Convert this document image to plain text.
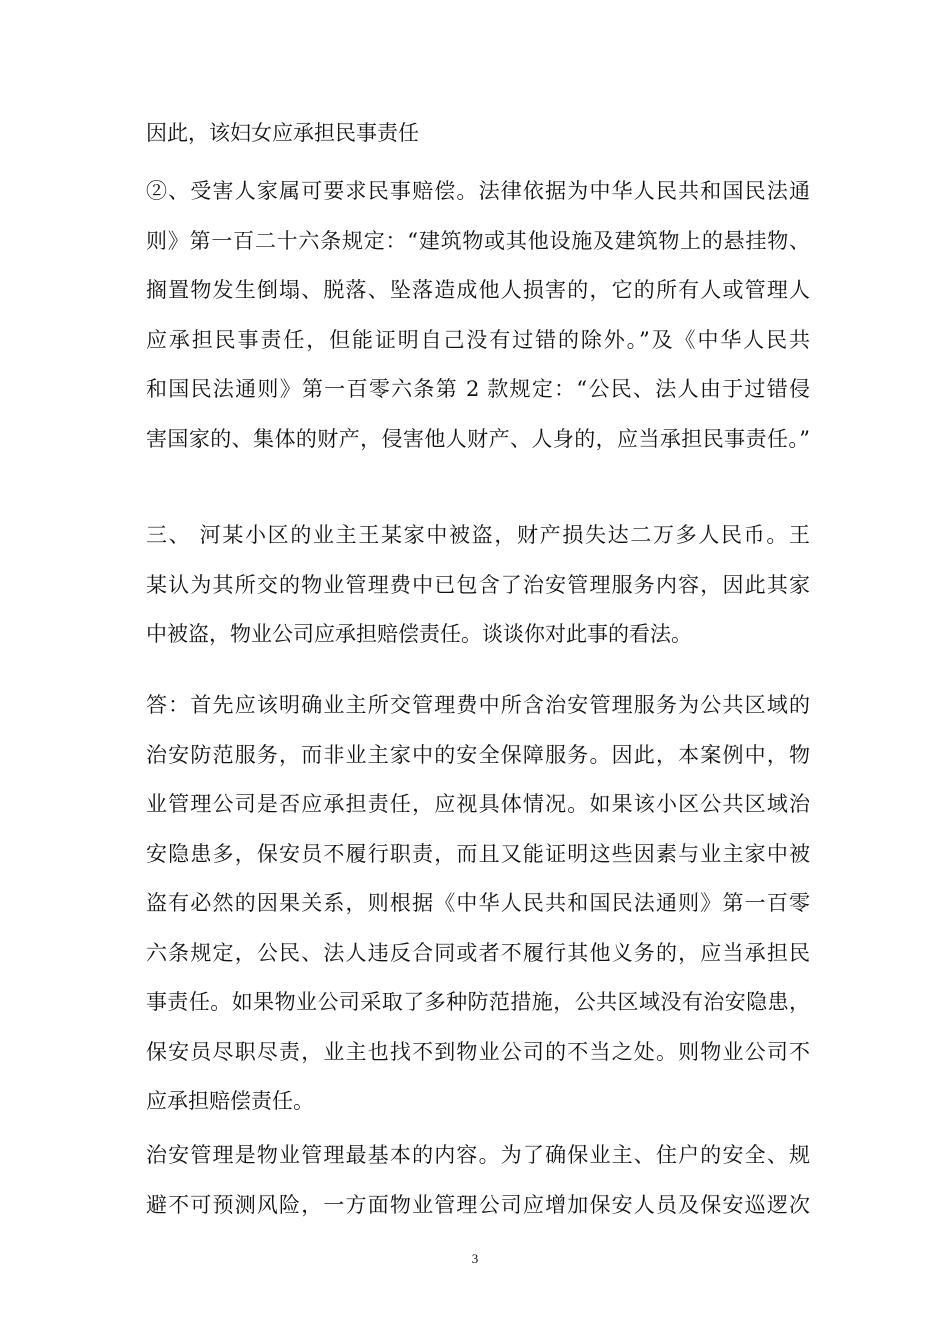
因此，该妇女应承担民事责任
②、受害人家属可要求民事赔偿。法律依据为中华人民共和国民法通
则》第一百二十六条规定：“建筑物或其他设施及建筑物上的悬挂物、
搁置物发生倒塌、脱落、坠落造成他人损害的，它的所有人或管理人
应承担民事责任，但能证明自己没有过错的除外。”及《中华人民共
和国民法通则》第一百零六条第 2 款规定：“公民、法人由于过错侵
害国家的、集体的财产，侵害他人财产、人身的，应当承担民事责任。”
三、 河某小区的业主王某家中被盗，财产损失达二万多人民币。王
某认为其所交的物业管理费中已包含了治安管理服务内容，因此其家
中被盗，物业公司应承担赔偿责任。谈谈你对此事的看法。
答：首先应该明确业主所交管理费中所含治安管理服务为公共区域的
治安防范服务，而非业主家中的安全保障服务。因此，本案例中，物
业管理公司是否应承担责任，应视具体情况。如果该小区公共区域治
安隐患多，保安员不履行职责，而且又能证明这些因素与业主家中被
盗有必然的因果关系，则根据《中华人民共和国民法通则》第一百零
六条规定，公民、法人违反合同或者不履行其他义务的，应当承担民
事责任。如果物业公司采取了多种防范措施，公共区域没有治安隐患，
保安员尽职尽责，业主也找不到物业公司的不当之处。则物业公司不
应承担赔偿责任。
治安管理是物业管理最基本的内容。为了确保业主、住户的安全、规
避不可预测风险，一方面物业管理公司应增加保安人员及保安巡逻次
3
